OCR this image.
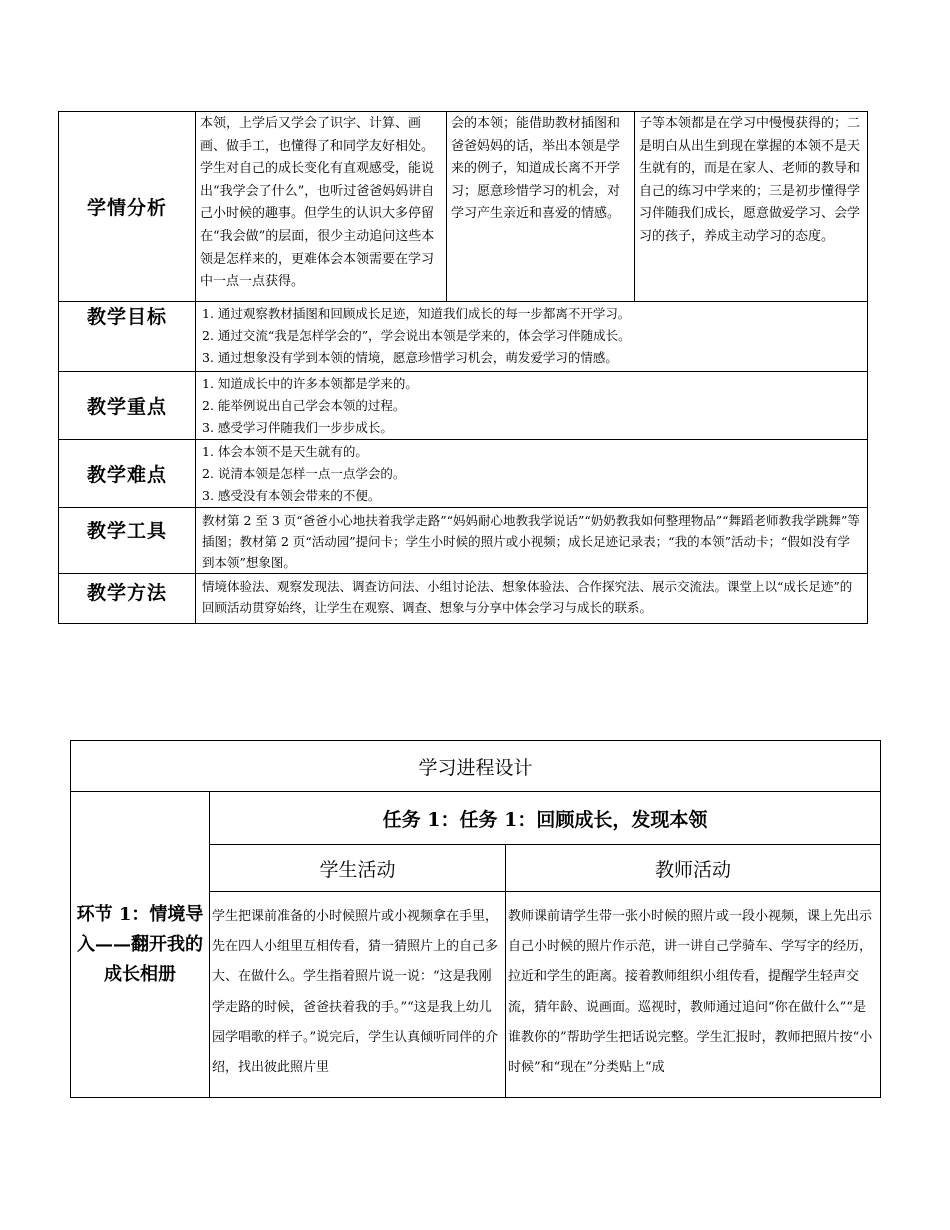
学情分析	本领，上学后又学会了识字、计算、画画、做手工，也懂得了和同学友好相处。学生对自己的成长变化有直观感受，能说出“我学会了什么”，也听过爸爸妈妈讲自己小时候的趣事。但学生的认识大多停留在“我会做”的层面，很少主动追问这些本领是怎样来的，更难体会本领需要在学习中一点一点获得。	会的本领；能借助教材插图和爸爸妈妈的话，举出本领是学来的例子，知道成长离不开学习；愿意珍惜学习的机会，对学习产生亲近和喜爱的情感。	子等本领都是在学习中慢慢获得的；二是明白从出生到现在掌握的本领不是天生就有的，而是在家人、老师的教导和自己的练习中学来的；三是初步懂得学习伴随我们成长，愿意做爱学习、会学习的孩子，养成主动学习的态度。

教学目标	1. 通过观察教材插图和回顾成长足迹，知道我们成长的每一步都离不开学习。
2. 通过交流“我是怎样学会的”，学会说出本领是学来的，体会学习伴随成长。
3. 通过想象没有学到本领的情境，愿意珍惜学习机会，萌发爱学习的情感。		

教学重点	1. 知道成长中的许多本领都是学来的。
2. 能举例说出自己学会本领的过程。
3. 感受学习伴随我们一步步成长。		

教学难点	1. 体会本领不是天生就有的。
2. 说清本领是怎样一点一点学会的。
3. 感受没有本领会带来的不便。		

教学工具	教材第 2 至 3 页“爸爸小心地扶着我学走路”“妈妈耐心地教我学说话”“奶奶教我如何整理物品”“舞蹈老师教我学跳舞”等插图；教材第 2 页“活动园”提问卡；学生小时候的照片或小视频；成长足迹记录表；“我的本领”活动卡；“假如没有学到本领”想象图。		

教学方法	情境体验法、观察发现法、调查访问法、小组讨论法、想象体验法、合作探究法、展示交流法。课堂上以“成长足迹”的回顾活动贯穿始终，让学生在观察、调查、想象与分享中体会学习与成长的联系。		
学习进程设计		
环节 1：情境导入——翻开我的成长相册	任务 1：任务 1：回顾成长，发现本领	
	学生活动	教师活动

	学生把课前准备的小时候照片或小视频拿在手里，先在四人小组里互相传看，猜一猜照片上的自己多大、在做什么。学生指着照片说一说：“这是我刚学走路的时候，爸爸扶着我的手。”“这是我上幼儿园学唱歌的样子。”说完后，学生认真倾听同伴的介绍，找出彼此照片里	教师课前请学生带一张小时候的照片或一段小视频，课上先出示自己小时候的照片作示范，讲一讲自己学骑车、学写字的经历，拉近和学生的距离。接着教师组织小组传看，提醒学生轻声交流，猜年龄、说画面。巡视时，教师通过追问“你在做什么”“是谁教你的”帮助学生把话说完整。学生汇报时，教师把照片按“小时候”和“现在”分类贴上“成
